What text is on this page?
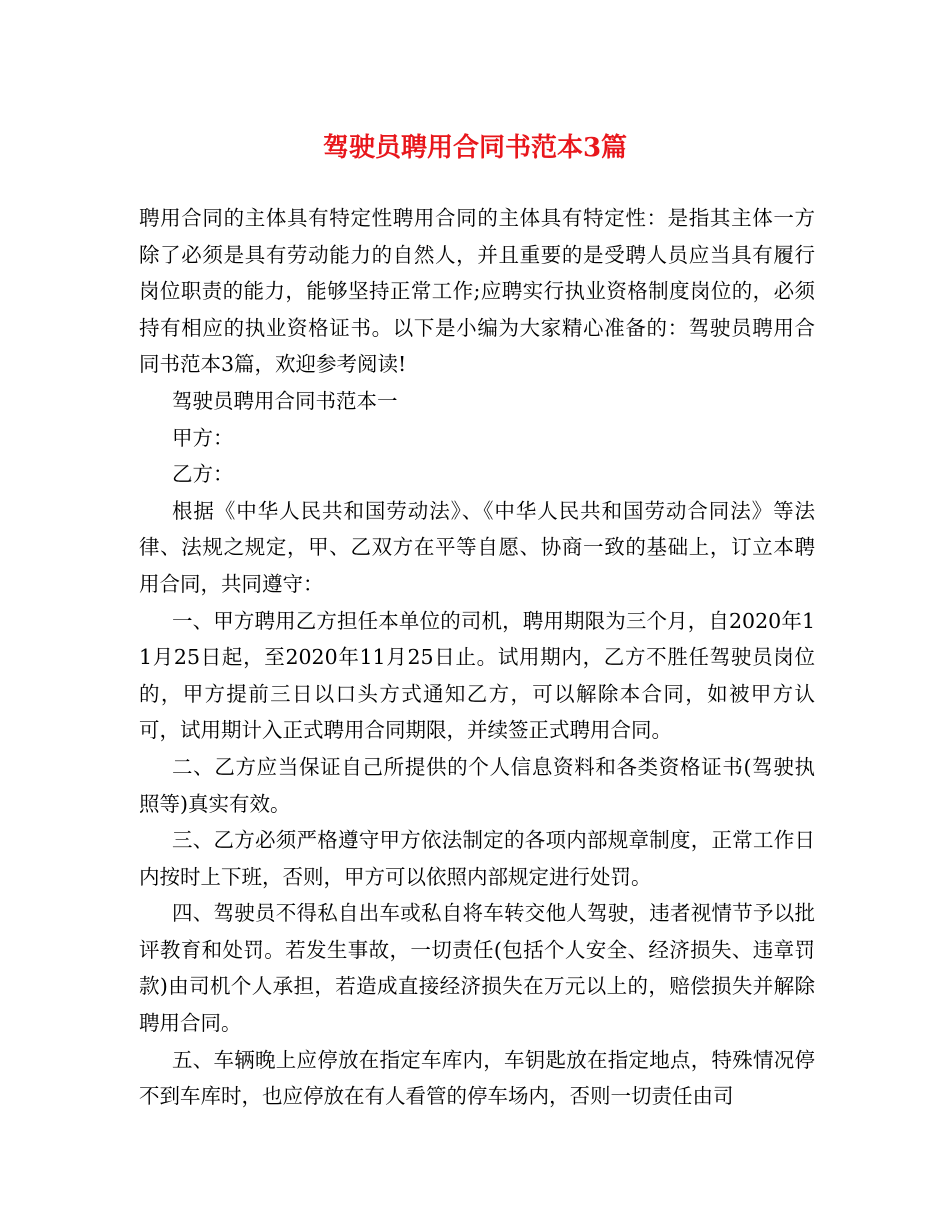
驾驶员聘用合同书范本3篇

聘用合同的主体具有特定性聘用合同的主体具有特定性：是指其主体一方除了必须是具有劳动能力的自然人，并且重要的是受聘人员应当具有履行岗位职责的能力，能够坚持正常工作;应聘实行执业资格制度岗位的，必须持有相应的执业资格证书。以下是小编为大家精心准备的：驾驶员聘用合同书范本3篇，欢迎参考阅读!

驾驶员聘用合同书范本一

甲方：

乙方：

根据《中华人民共和国劳动法》、《中华人民共和国劳动合同法》等法律、法规之规定，甲、乙双方在平等自愿、协商一致的基础上，订立本聘用合同，共同遵守：

一、甲方聘用乙方担任本单位的司机，聘用期限为三个月，自2020年11月25日起，至2020年11月25日止。试用期内，乙方不胜任驾驶员岗位的，甲方提前三日以口头方式通知乙方，可以解除本合同，如被甲方认可，试用期计入正式聘用合同期限，并续签正式聘用合同。

二、乙方应当保证自己所提供的个人信息资料和各类资格证书(驾驶执照等)真实有效。

三、乙方必须严格遵守甲方依法制定的各项内部规章制度，正常工作日内按时上下班，否则，甲方可以依照内部规定进行处罚。

四、驾驶员不得私自出车或私自将车转交他人驾驶，违者视情节予以批评教育和处罚。若发生事故，一切责任(包括个人安全、经济损失、违章罚款)由司机个人承担，若造成直接经济损失在万元以上的，赔偿损失并解除聘用合同。

五、车辆晚上应停放在指定车库内，车钥匙放在指定地点，特殊情况停不到车库时，也应停放在有人看管的停车场内，否则一切责任由司
